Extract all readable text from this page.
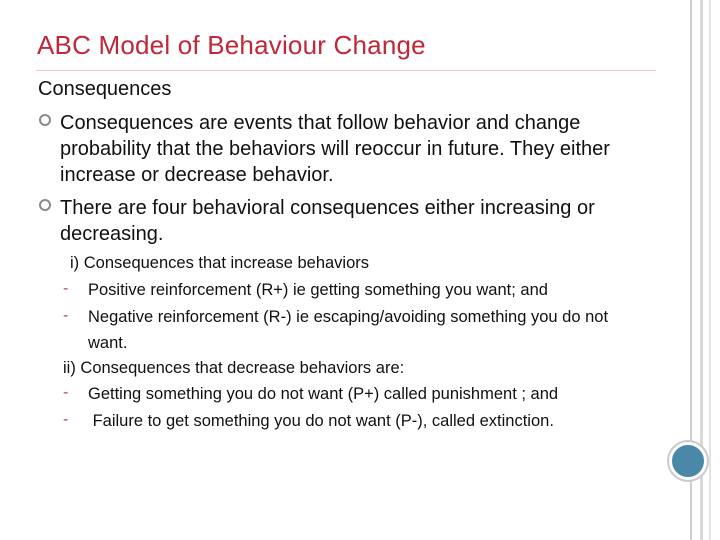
ABC Model of Behaviour Change
Consequences
Consequences are events that follow behavior and change probability that the behaviors will reoccur in future. They either increase or decrease behavior.
There are four behavioral consequences either increasing or decreasing.
i) Consequences that increase behaviors
- Positive reinforcement (R+) ie getting something you want; and
- Negative reinforcement (R-) ie escaping/avoiding something you do not want.
ii) Consequences that decrease behaviors are:
- Getting something you do not want (P+) called punishment ; and
- Failure to get something you do not want (P-), called extinction.
